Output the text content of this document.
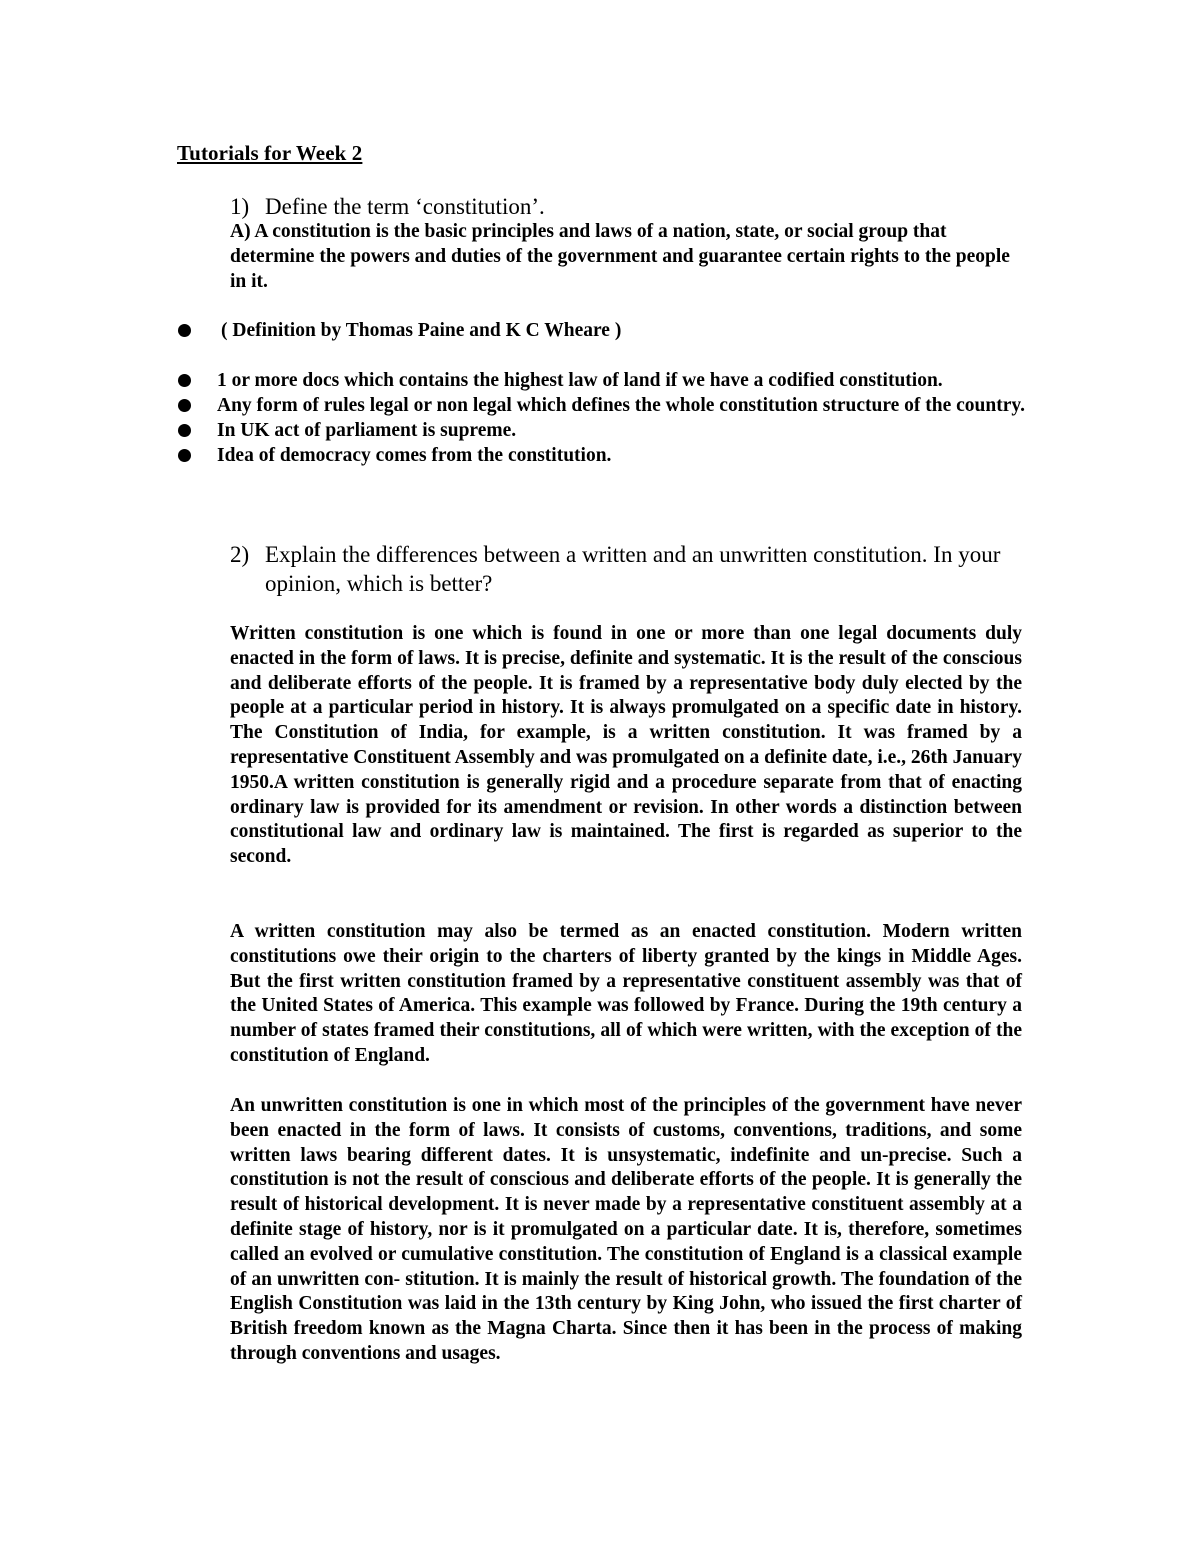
Tutorials for Week 2
1) Define the term ‘constitution’.

A) A constitution is the basic principles and laws of a nation, state, or social group that determine the powers and duties of the government and guarantee certain rights to the people in it.

( Definition by Thomas Paine and K C Wheare )
1 or more docs which contains the highest law of land if we have a codified constitution.
Any form of rules legal or non legal which defines the whole constitution structure of the country.
In UK act of parliament is supreme.
Idea of democracy comes from the constitution.
2) Explain the differences between a written and an unwritten constitution. In your opinion, which is better?

Written constitution is one which is found in one or more than one legal documents duly enacted in the form of laws. It is precise, definite and systematic. It is the result of the conscious and deliberate efforts of the people. It is framed by a representative body duly elected by the people at a particular period in history. It is always promulgated on a specific date in history. The Constitution of India, for example, is a written constitution. It was framed by a representative Constituent Assembly and was promulgated on a definite date, i.e., 26th January 1950.A written constitution is generally rigid and a procedure separate from that of enacting ordinary law is provided for its amendment or revision. In other words a distinction between constitutional law and ordinary law is maintained. The first is regarded as superior to the second.

A written constitution may also be termed as an enacted constitution. Modern written constitutions owe their origin to the charters of liberty granted by the kings in Middle Ages. But the first written constitution framed by a representative constituent assembly was that of the United States of America. This example was followed by France. During the 19th century a number of states framed their constitutions, all of which were written, with the exception of the constitution of England.

An unwritten constitution is one in which most of the principles of the government have never been enacted in the form of laws. It consists of customs, conventions, traditions, and some written laws bearing different dates. It is unsystematic, indefinite and un-precise. Such a constitution is not the result of conscious and deliberate efforts of the people. It is generally the result of historical development. It is never made by a representative constituent assembly at a definite stage of history, nor is it promulgated on a particular date. It is, therefore, sometimes called an evolved or cumulative constitution. The constitution of England is a classical example of an unwritten con- stitution. It is mainly the result of historical growth. The foundation of the English Constitution was laid in the 13th century by King John, who issued the first charter of British freedom known as the Magna Charta. Since then it has been in the process of making through conventions and usages.
